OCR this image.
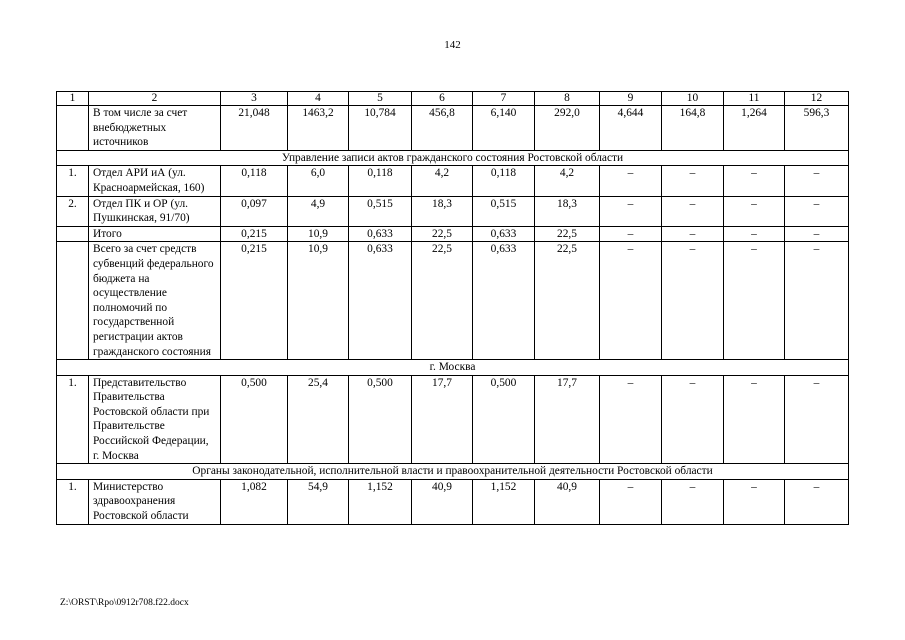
142
1	2	3	4	5	6	7	8	9	10	11	12
	В том числе за счет внебюджетных источников	21,048	1463,2	10,784	456,8	6,140	292,0	4,644	164,8	1,264	596,3
Управление записи актов гражданского состояния Ростовской области											
1.	Отдел АРИ иА (ул. Красноармейская, 160)	0,118	6,0	0,118	4,2	0,118	4,2	–	–	–	–
2.	Отдел ПК и ОР (ул. Пушкинская, 91/70)	0,097	4,9	0,515	18,3	0,515	18,3	–	–	–	–
	Итого	0,215	10,9	0,633	22,5	0,633	22,5	–	–	–	–
	Всего за счет средств субвенций федерального бюджета на осуществление полномочий по государственной регистрации актов гражданского состояния	0,215	10,9	0,633	22,5	0,633	22,5	–	–	–	–
г. Москва											
1.	Представительство Правительства Ростовской области при Правительстве Российской Федерации, г. Москва	0,500	25,4	0,500	17,7	0,500	17,7	–	–	–	–
Органы законодательной, исполнительной власти и правоохранительной деятельности Ростовской области											
1.	Министерство здравоохранения Ростовской области	1,082	54,9	1,152	40,9	1,152	40,9	–	–	–	–
Z:\ORST\Rpo\0912r708.f22.docx
